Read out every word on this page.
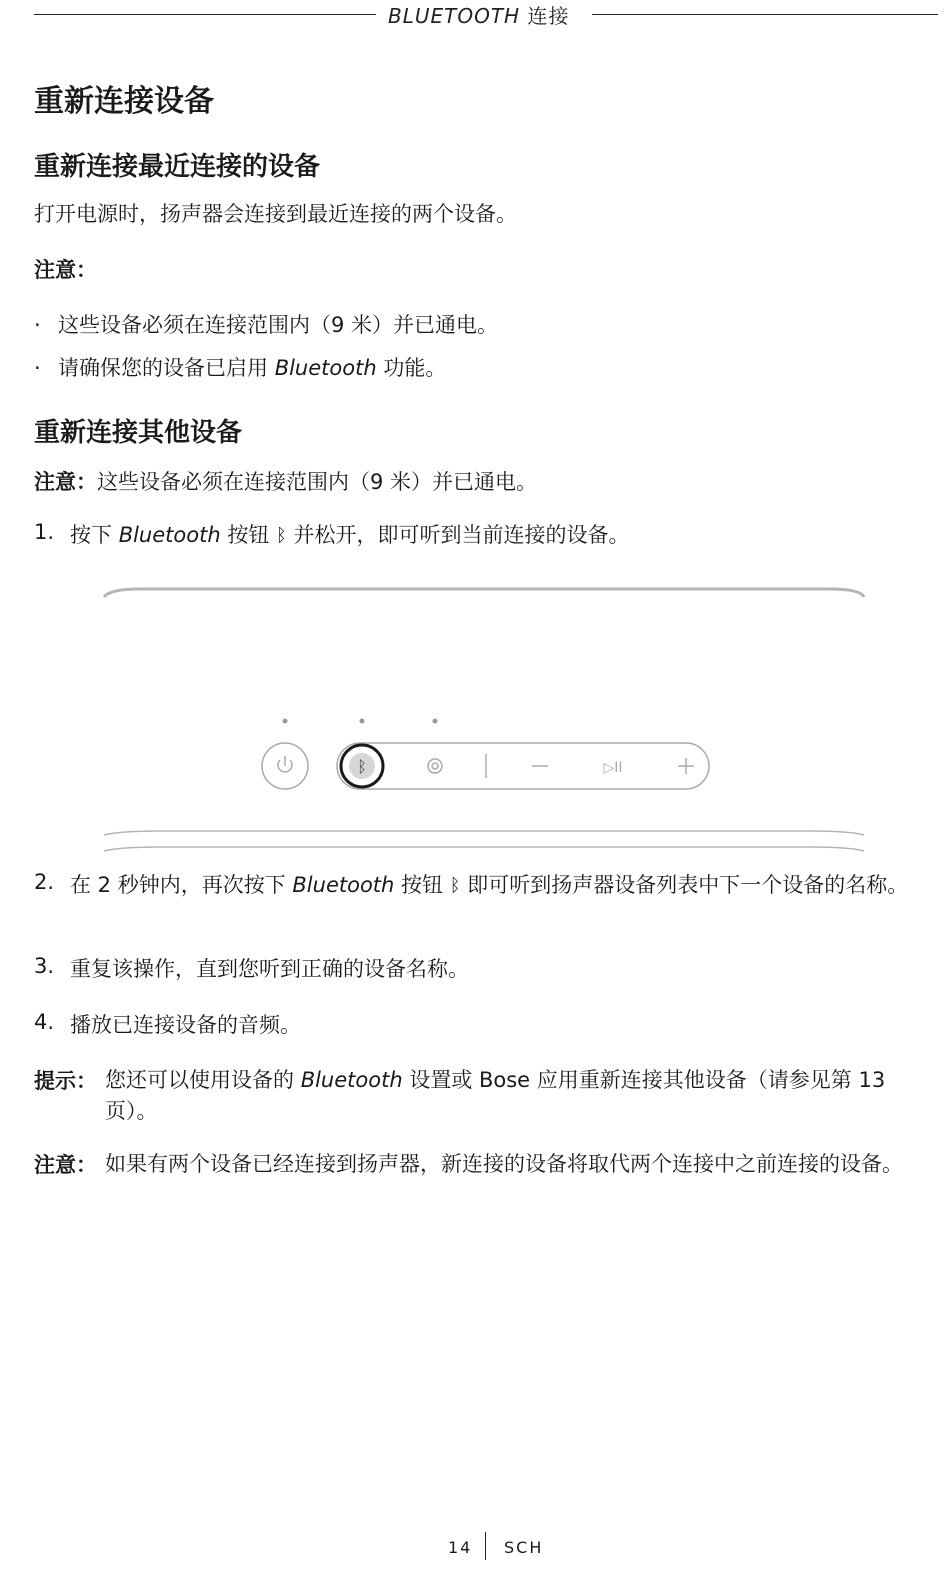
BLUETOOTH 连接
重新连接设备
重新连接最近连接的设备

打开电源时，扬声器会连接到最近连接的两个设备。

注意：

· 这些设备必须在连接范围内（9 米）并已通电。
· 请确保您的设备已启用 Bluetooth 功能。
重新连接其他设备

注意：这些设备必须在连接范围内（9 米）并已通电。

1. 按下 Bluetooth 按钮 ᛒ 并松开，即可听到当前连接的设备。
ᛒ	▷II
2. 在 2 秒钟内，再次按下 Bluetooth 按钮 ᛒ 即可听到扬声器设备列表中下一个设备的名称。
3. 重复该操作，直到您听到正确的设备名称。
4. 播放已连接设备的音频。
提示： 您还可以使用设备的 Bluetooth 设置或 Bose 应用重新连接其他设备（请参见第 13 页）。
注意： 如果有两个设备已经连接到扬声器，新连接的设备将取代两个连接中之前连接的设备。
14 SCH
